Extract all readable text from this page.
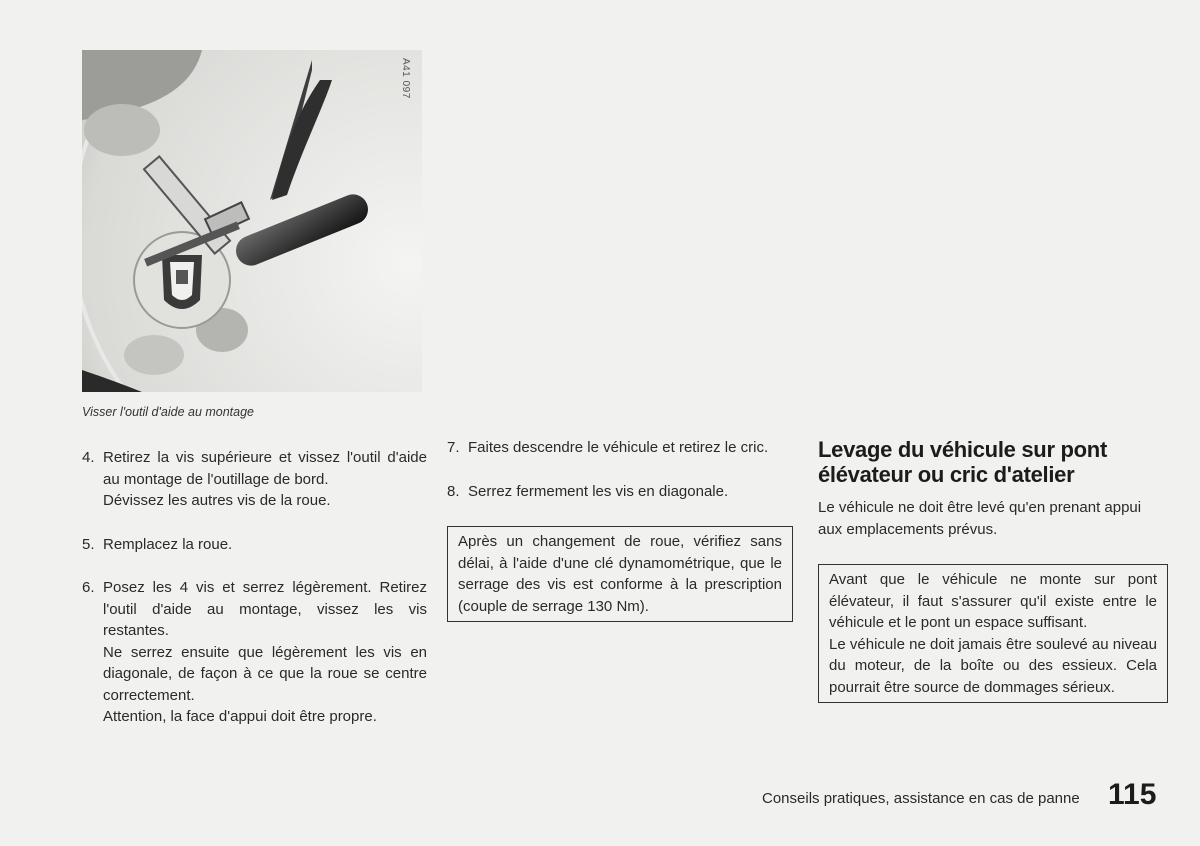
A41 097
Visser l'outil d'aide au montage
4. Retirez la vis supérieure et vissez l'outil d'aide au montage de l'outillage de bord.
Dévissez les autres vis de la roue.
5. Remplacez la roue.
6. Posez les 4 vis et serrez légèrement. Retirez l'outil d'aide au montage, vissez les vis restantes.
Ne serrez ensuite que légèrement les vis en diagonale, de façon à ce que la roue se centre correctement.
Attention, la face d'appui doit être propre.
7. Faites descendre le véhicule et retirez le cric.
8. Serrez fermement les vis en diagonale.

Après un changement de roue, vérifiez sans délai, à l'aide d'une clé dynamométrique, que le serrage des vis est conforme à la prescription (couple de serrage 130 Nm).

Levage du véhicule sur pont élévateur ou cric d'atelier

Le véhicule ne doit être levé qu'en prenant appui aux emplacements prévus.

Avant que le véhicule ne monte sur pont élévateur, il faut s'assurer qu'il existe entre le véhicule et le pont un espace suffisant.

Le véhicule ne doit jamais être soulevé au niveau du moteur, de la boîte ou des essieux. Cela pourrait être source de dommages sérieux.

Conseils pratiques, assistance en cas de panne 115
